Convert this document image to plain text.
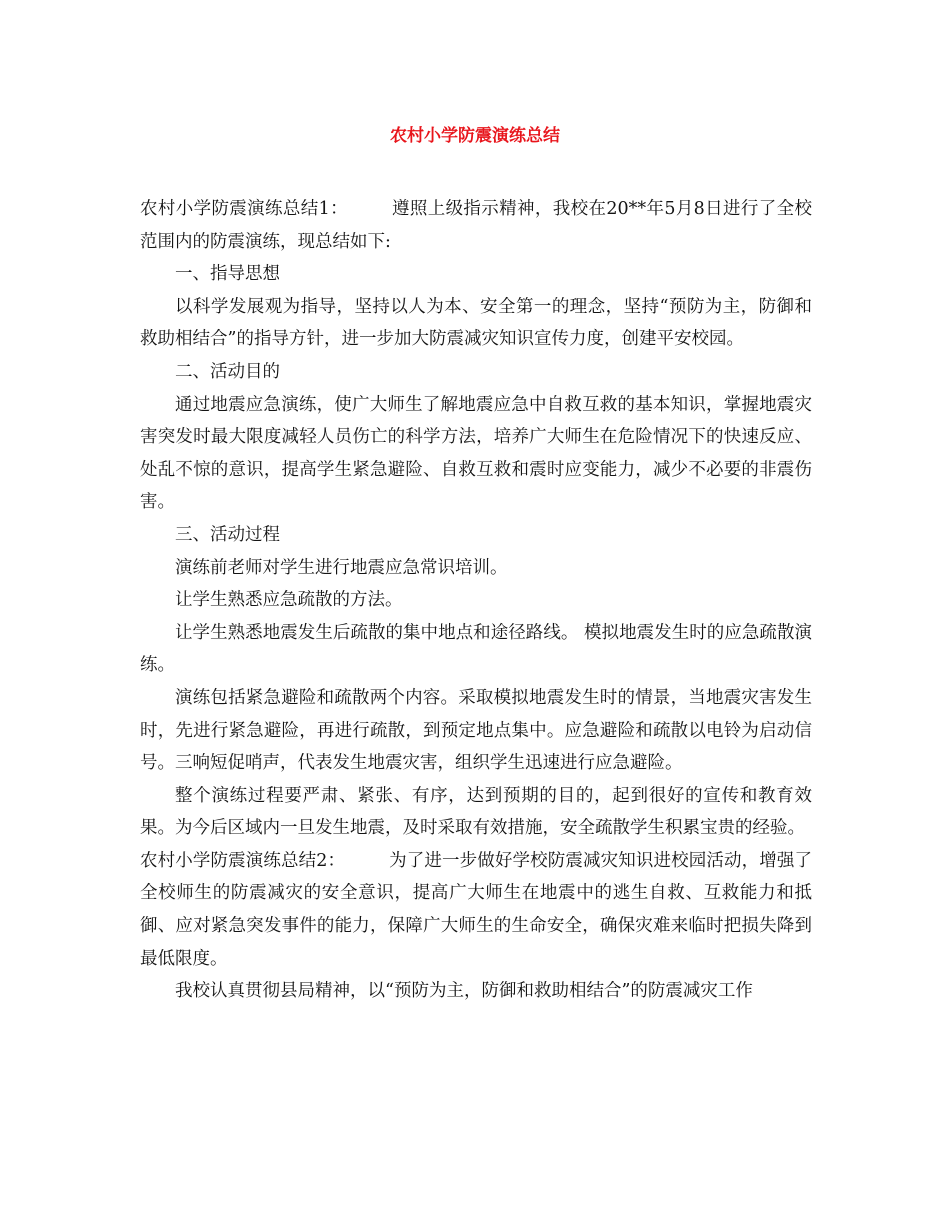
农村小学防震演练总结

农村小学防震演练总结1：	遵照上级指示精神，我校在20**年5月8日进行了全校范围内的防震演练，现总结如下:

一、指导思想

以科学发展观为指导，坚持以人为本、安全第一的理念，坚持“预防为主，防御和救助相结合”的指导方针，进一步加大防震减灾知识宣传力度，创建平安校园。

二、活动目的

通过地震应急演练，使广大师生了解地震应急中自救互救的基本知识，掌握地震灾害突发时最大限度减轻人员伤亡的科学方法，培养广大师生在危险情况下的快速反应、处乱不惊的意识，提高学生紧急避险、自救互救和震时应变能力，减少不必要的非震伤害。

三、活动过程

演练前老师对学生进行地震应急常识培训。

让学生熟悉应急疏散的方法。

让学生熟悉地震发生后疏散的集中地点和途径路线。 模拟地震发生时的应急疏散演练。

演练包括紧急避险和疏散两个内容。采取模拟地震发生时的情景，当地震灾害发生时，先进行紧急避险，再进行疏散，到预定地点集中。应急避险和疏散以电铃为启动信号。三响短促哨声，代表发生地震灾害，组织学生迅速进行应急避险。

整个演练过程要严肃、紧张、有序，达到预期的目的，起到很好的宣传和教育效果。为今后区域内一旦发生地震，及时采取有效措施，安全疏散学生积累宝贵的经验。

农村小学防震演练总结2：	为了进一步做好学校防震减灾知识进校园活动，增强了全校师生的防震减灾的安全意识，提高广大师生在地震中的逃生自救、互救能力和抵御、应对紧急突发事件的能力，保障广大师生的生命安全，确保灾难来临时把损失降到最低限度。

我校认真贯彻县局精神，以“预防为主，防御和救助相结合”的防震减灾工作
